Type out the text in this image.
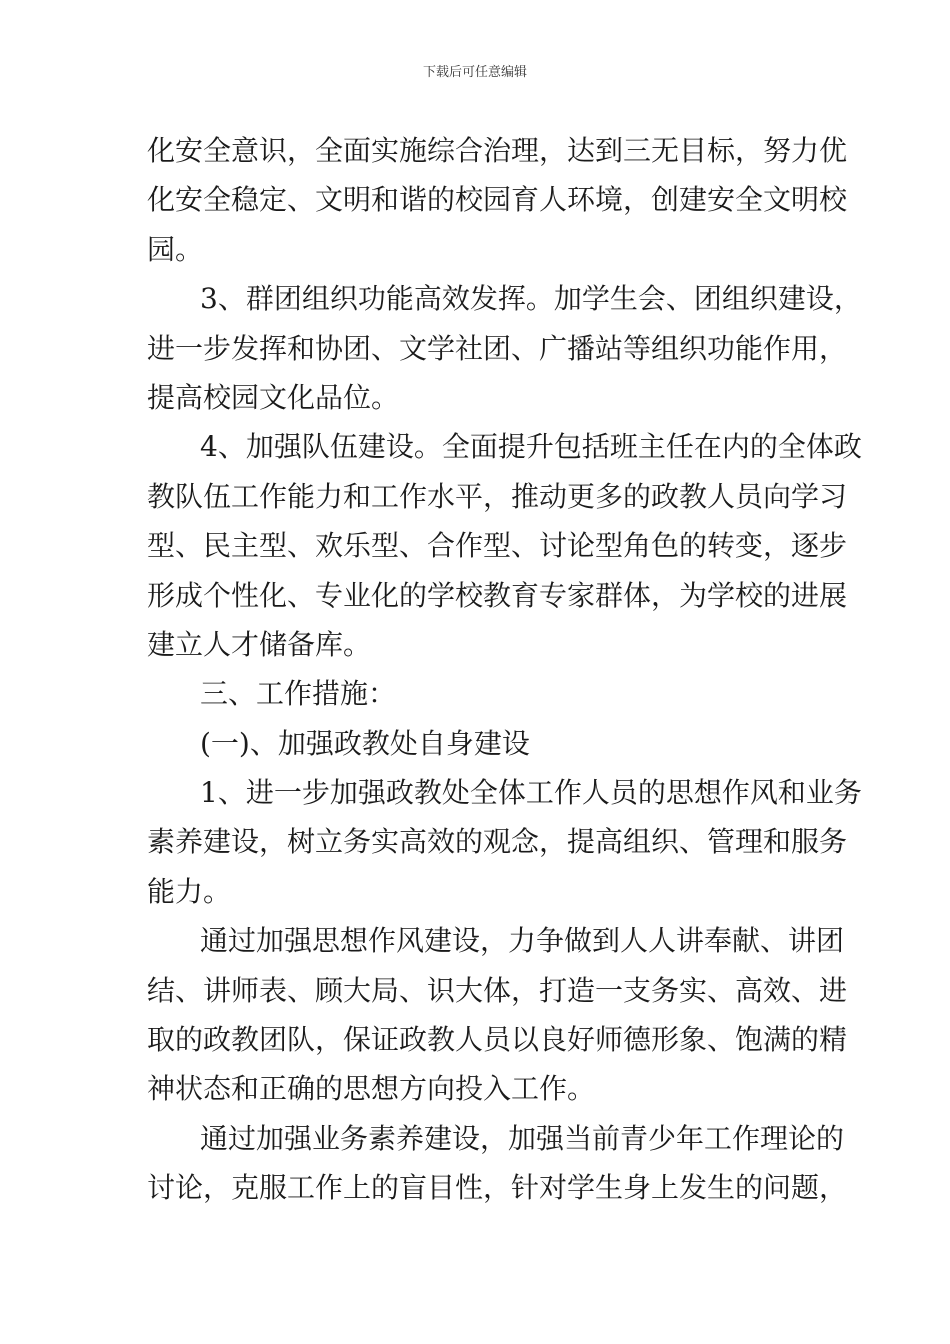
下载后可任意编辑
化安全意识，全面实施综合治理，达到三无目标，努力优
化安全稳定、文明和谐的校园育人环境，创建安全文明校
园。
3、群团组织功能高效发挥。加学生会、团组织建设，
进一步发挥和协团、文学社团、广播站等组织功能作用，
提高校园文化品位。
4、加强队伍建设。全面提升包括班主任在内的全体政
教队伍工作能力和工作水平，推动更多的政教人员向学习
型、民主型、欢乐型、合作型、讨论型角色的转变，逐步
形成个性化、专业化的学校教育专家群体，为学校的进展
建立人才储备库。
三、工作措施：
(一)、加强政教处自身建设
1、进一步加强政教处全体工作人员的思想作风和业务
素养建设，树立务实高效的观念，提高组织、管理和服务
能力。
通过加强思想作风建设，力争做到人人讲奉献、讲团
结、讲师表、顾大局、识大体，打造一支务实、高效、进
取的政教团队，保证政教人员以良好师德形象、饱满的精
神状态和正确的思想方向投入工作。
通过加强业务素养建设，加强当前青少年工作理论的
讨论，克服工作上的盲目性，针对学生身上发生的问题，
